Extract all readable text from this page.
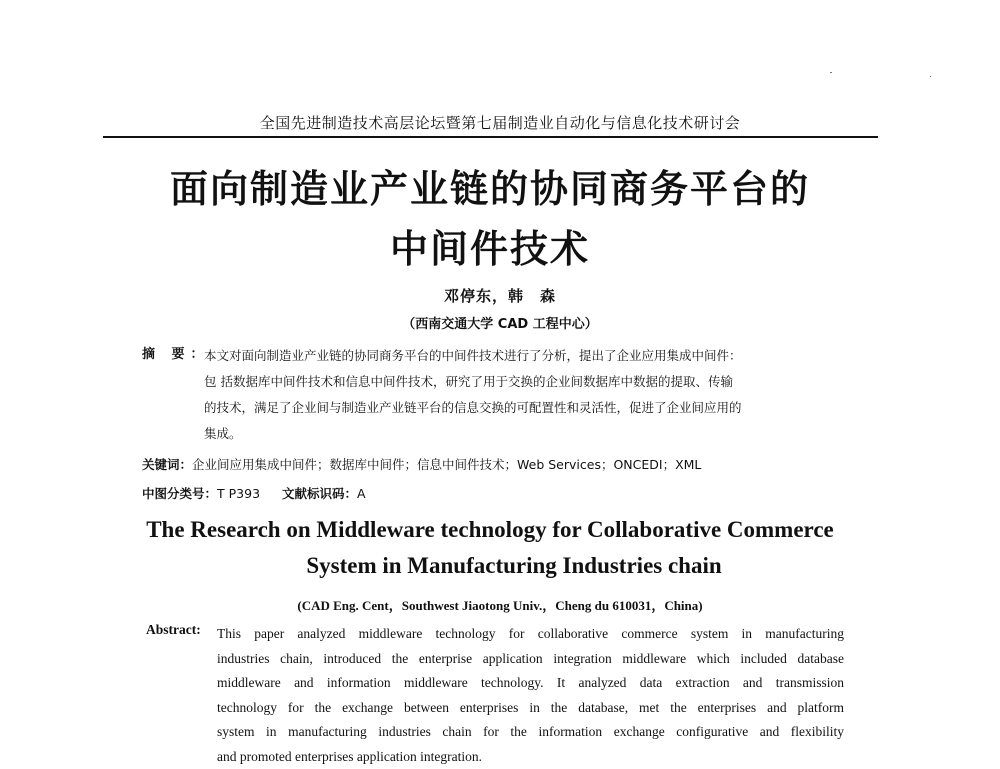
全国先进制造技术高层论坛暨第七届制造业自动化与信息化技术研讨会
面向制造业产业链的协同商务平台的
中间件技术
邓停东，韩　森
（西南交通大学 CAD 工程中心）
摘 要：
本文对面向制造业产业链的协同商务平台的中间件技术进行了分析，提出了企业应用集成中间件：
包 括数据库中间件技术和信息中间件技术，研究了用于交换的企业间数据库中数据的提取、传输
的技术，满足了企业间与制造业产业链平台的信息交换的可配置性和灵活性，促进了企业间应用的
集成。
关键词：企业间应用集成中间件；数据库中间件；信息中间件技术；Web Services；ONCEDI；XML
中图分类号：T P393 文献标识码：A
The Research on Middleware technology for Collaborative Commerce
System in Manufacturing Industries chain
(CAD Eng. Cent，Southwest Jiaotong Univ.，Cheng du 610031，China)
Abstract: This paper analyzed middleware technology for collaborative commerce system in manufacturing
industries chain, introduced the enterprise application integration middleware which included database
middleware and information middleware technology. It analyzed data extraction and transmission
technology for the exchange between enterprises in the database, met the enterprises and platform
system in manufacturing industries chain for the information exchange configurative and flexibility
and promoted enterprises application integration.
